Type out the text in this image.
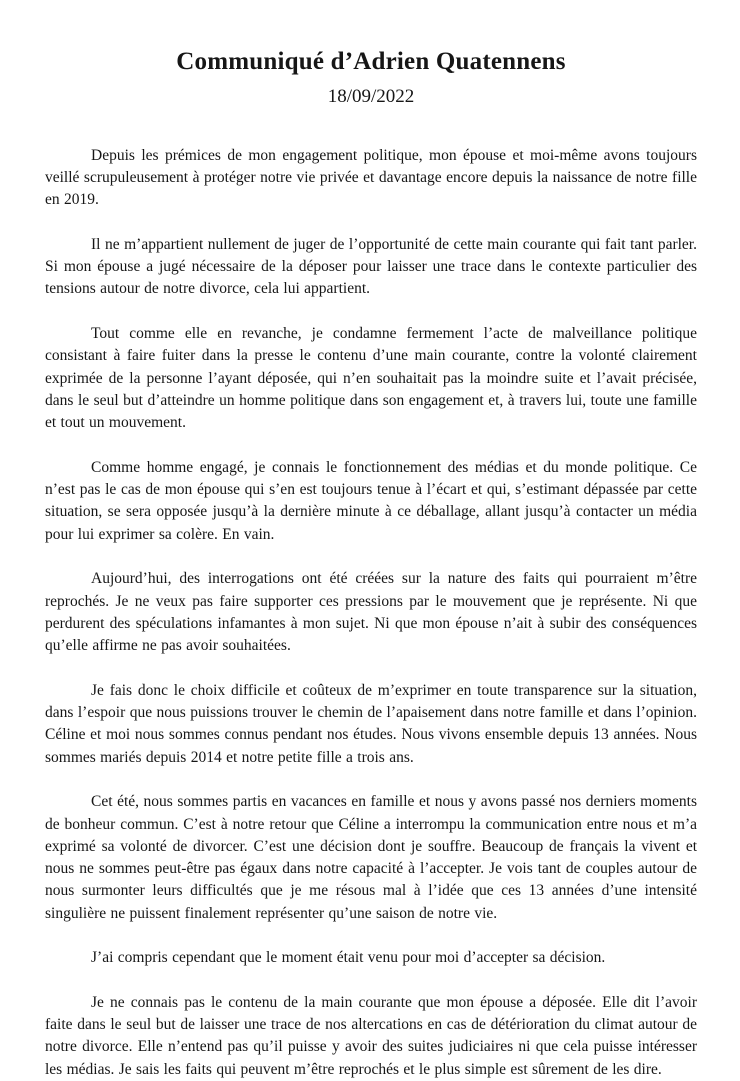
Communiqué d’Adrien Quatennens

18/09/2022

Depuis les prémices de mon engagement politique, mon épouse et moi-même avons toujours veillé scrupuleusement à protéger notre vie privée et davantage encore depuis la naissance de notre fille en 2019.

Il ne m’appartient nullement de juger de l’opportunité de cette main courante qui fait tant parler. Si mon épouse a jugé nécessaire de la déposer pour laisser une trace dans le contexte particulier des tensions autour de notre divorce, cela lui appartient.

Tout comme elle en revanche, je condamne fermement l’acte de malveillance politique consistant à faire fuiter dans la presse le contenu d’une main courante, contre la volonté clairement exprimée de la personne l’ayant déposée, qui n’en souhaitait pas la moindre suite et l’avait précisée, dans le seul but d’atteindre un homme politique dans son engagement et, à travers lui, toute une famille et tout un mouvement.

Comme homme engagé, je connais le fonctionnement des médias et du monde politique. Ce n’est pas le cas de mon épouse qui s’en est toujours tenue à l’écart et qui, s’estimant dépassée par cette situation, se sera opposée jusqu’à la dernière minute à ce déballage, allant jusqu’à contacter un média pour lui exprimer sa colère. En vain.

Aujourd’hui, des interrogations ont été créées sur la nature des faits qui pourraient m’être reprochés. Je ne veux pas faire supporter ces pressions par le mouvement que je représente. Ni que perdurent des spéculations infamantes à mon sujet. Ni que mon épouse n’ait à subir des conséquences qu’elle affirme ne pas avoir souhaitées.

Je fais donc le choix difficile et coûteux de m’exprimer en toute transparence sur la situation, dans l’espoir que nous puissions trouver le chemin de l’apaisement dans notre famille et dans l’opinion. Céline et moi nous sommes connus pendant nos études. Nous vivons ensemble depuis 13 années. Nous sommes mariés depuis 2014 et notre petite fille a trois ans.

Cet été, nous sommes partis en vacances en famille et nous y avons passé nos derniers moments de bonheur commun. C’est à notre retour que Céline a interrompu la communication entre nous et m’a exprimé sa volonté de divorcer. C’est une décision dont je souffre. Beaucoup de français la vivent et nous ne sommes peut-être pas égaux dans notre capacité à l’accepter. Je vois tant de couples autour de nous surmonter leurs difficultés que je me résous mal à l’idée que ces 13 années d’une intensité singulière ne puissent finalement représenter qu’une saison de notre vie.

J’ai compris cependant que le moment était venu pour moi d’accepter sa décision.

Je ne connais pas le contenu de la main courante que mon épouse a déposée. Elle dit l’avoir faite dans le seul but de laisser une trace de nos altercations en cas de détérioration du climat autour de notre divorce. Elle n’entend pas qu’il puisse y avoir des suites judiciaires ni que cela puisse intéresser les médias. Je sais les faits qui peuvent m’être reprochés et le plus simple est sûrement de les dire.
